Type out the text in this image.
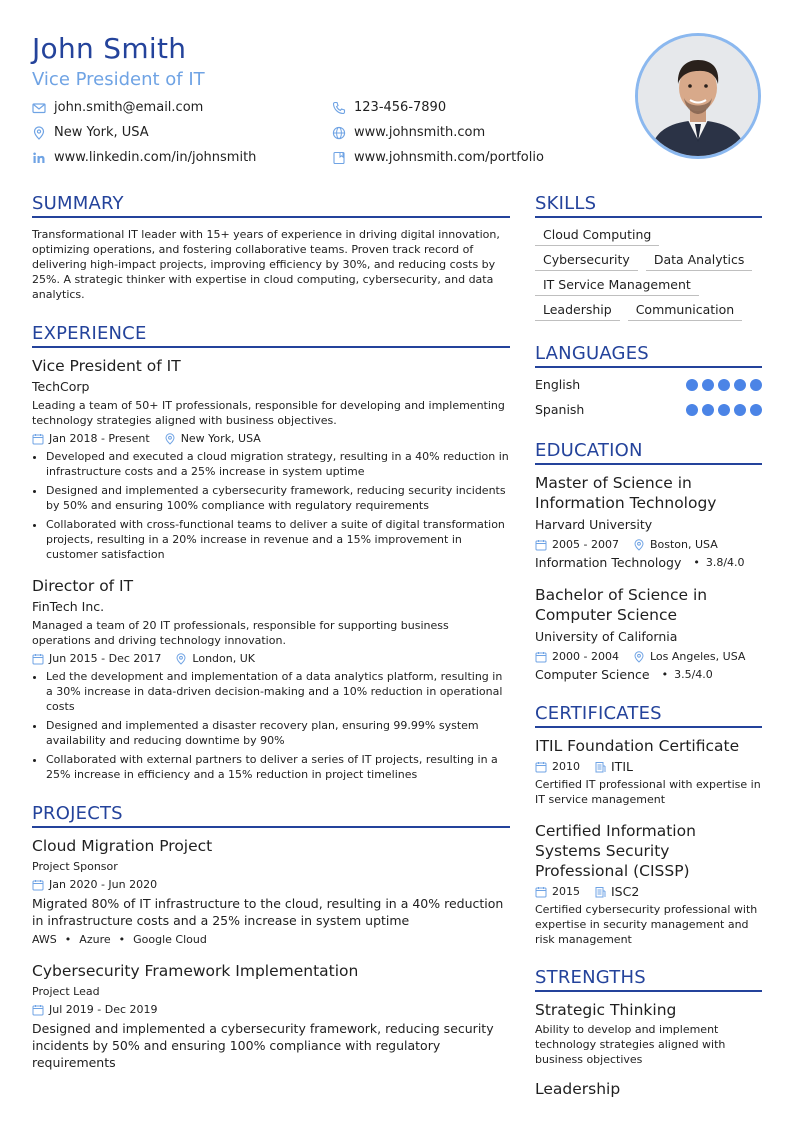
John Smith
Vice President of IT
john.smith@email.com	123-456-7890
New York, USA	www.johnsmith.com
www.linkedin.com/in/johnsmith	www.johnsmith.com/portfolio
SUMMARY
Transformational IT leader with 15+ years of experience in driving digital innovation, optimizing operations, and fostering collaborative teams. Proven track record of delivering high-impact projects, improving efficiency by 30%, and reducing costs by 25%. A strategic thinker with expertise in cloud computing, cybersecurity, and data analytics.
EXPERIENCE
Vice President of IT
TechCorp
Leading a team of 50+ IT professionals, responsible for developing and implementing technology strategies aligned with business objectives.
Jan 2018 - Present	New York, USA
• Developed and executed a cloud migration strategy, resulting in a 40% reduction in infrastructure costs and a 25% increase in system uptime
• Designed and implemented a cybersecurity framework, reducing security incidents by 50% and ensuring 100% compliance with regulatory requirements
• Collaborated with cross-functional teams to deliver a suite of digital transformation projects, resulting in a 20% increase in revenue and a 15% improvement in customer satisfaction
Director of IT
FinTech Inc.
Managed a team of 20 IT professionals, responsible for supporting business operations and driving technology innovation.
Jun 2015 - Dec 2017	London, UK
• Led the development and implementation of a data analytics platform, resulting in a 30% increase in data-driven decision-making and a 10% reduction in operational costs
• Designed and implemented a disaster recovery plan, ensuring 99.99% system availability and reducing downtime by 90%
• Collaborated with external partners to deliver a series of IT projects, resulting in a 25% increase in efficiency and a 15% reduction in project timelines
PROJECTS
Cloud Migration Project
Project Sponsor
Jan 2020 - Jun 2020
Migrated 80% of IT infrastructure to the cloud, resulting in a 40% reduction in infrastructure costs and a 25% increase in system uptime
AWS • Azure • Google Cloud
Cybersecurity Framework Implementation
Project Lead
Jul 2019 - Dec 2019
Designed and implemented a cybersecurity framework, reducing security incidents by 50% and ensuring 100% compliance with regulatory requirements
SKILLS
Cloud Computing
Cybersecurity	Data Analytics
IT Service Management
Leadership	Communication
LANGUAGES
English
Spanish
EDUCATION
Master of Science in Information Technology
Harvard University
2005 - 2007	Boston, USA
Information Technology • 3.8/4.0
Bachelor of Science in Computer Science
University of California
2000 - 2004	Los Angeles, USA
Computer Science • 3.5/4.0
CERTIFICATES
ITIL Foundation Certificate
2010 ITIL
Certified IT professional with expertise in IT service management
Certified Information Systems Security Professional (CISSP)
2015 ISC2
Certified cybersecurity professional with expertise in security management and risk management
STRENGTHS
Strategic Thinking
Ability to develop and implement technology strategies aligned with business objectives
Leadership
